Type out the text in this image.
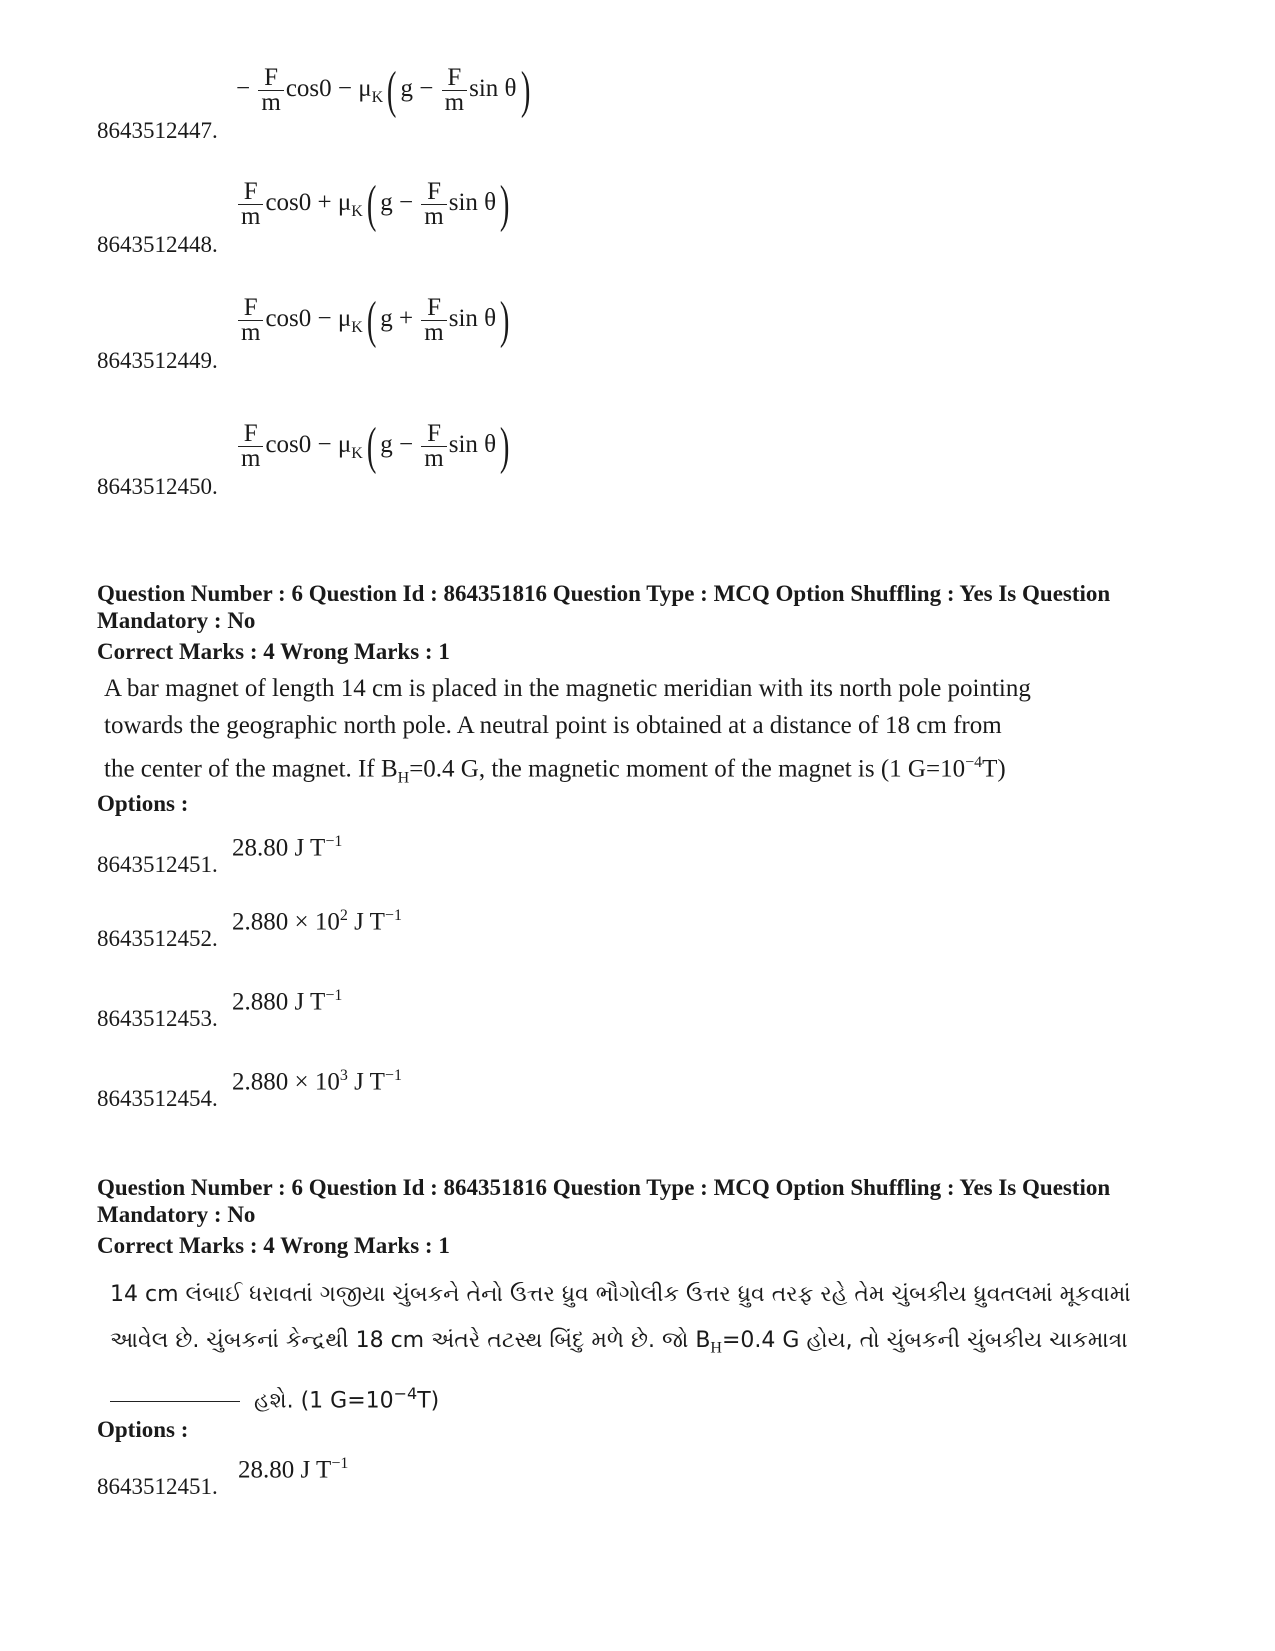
− $\frac{F}{m} \cos 0 - \mu_K$( $g - \frac{F}{m}$ sin θ)
8643512447.
$\frac{F}{m} \cos 0 + \mu_K$( $g - \frac{F}{m}$ sin θ)
8643512448.
$\frac{F}{m} \cos 0 - \mu_K$( $g + \frac{F}{m}$ sin θ)
8643512449.
$\frac{F}{m} \cos 0 - \mu_K$( $g - \frac{F}{m}$ sin θ)
8643512450.
Question Number : 6 Question Id : 864351816 Question Type : MCQ Option Shuffling : Yes Is Question
Mandatory : No
Correct Marks : 4 Wrong Marks : 1
A bar magnet of length 14 cm is placed in the magnetic meridian with its north pole pointing
towards the geographic north pole. A neutral point is obtained at a distance of 18 cm from
the center of the magnet. If $B_H=0.4$ G, the magnetic moment of the magnet is (1 $G=10^{-4}T$)
Options :
8643512451.
28.80 J $T^{-1}$
8643512452.
$2.880 \times 10^2$ J $T^{-1}$
8643512453.
2.880 J $T^{-1}$
8643512454.
$2.880 \times 10^3$ J $T^{-1}$
Question Number : 6 Question Id : 864351816 Question Type : MCQ Option Shuffling : Yes Is Question
Mandatory : No
Correct Marks : 4 Wrong Marks : 1
14 cm લંબાઈ ધરાવતાં ગજીયા ચુંબકને તેનો ઉત્તર ધ્રુવ ભૌગોલીક ઉત્તર ધ્રુવ તરફ રહે તેમ ચુંબકીય ધ્રુવતલમાં મૂકવામાં
આવેલ છે. ચુંબકનાં કેન્દ્રથી 18 cm અંતરે તટસ્થ બિંદુ મળે છે. જો $B_H=0.4$ G હોય, તો ચુંબકની ચુંબકીય ચાકમાત્રા
હશે. (1 $G=10^{-4}T$)
Options :
8643512451.
28.80 J $T^{-1}$
